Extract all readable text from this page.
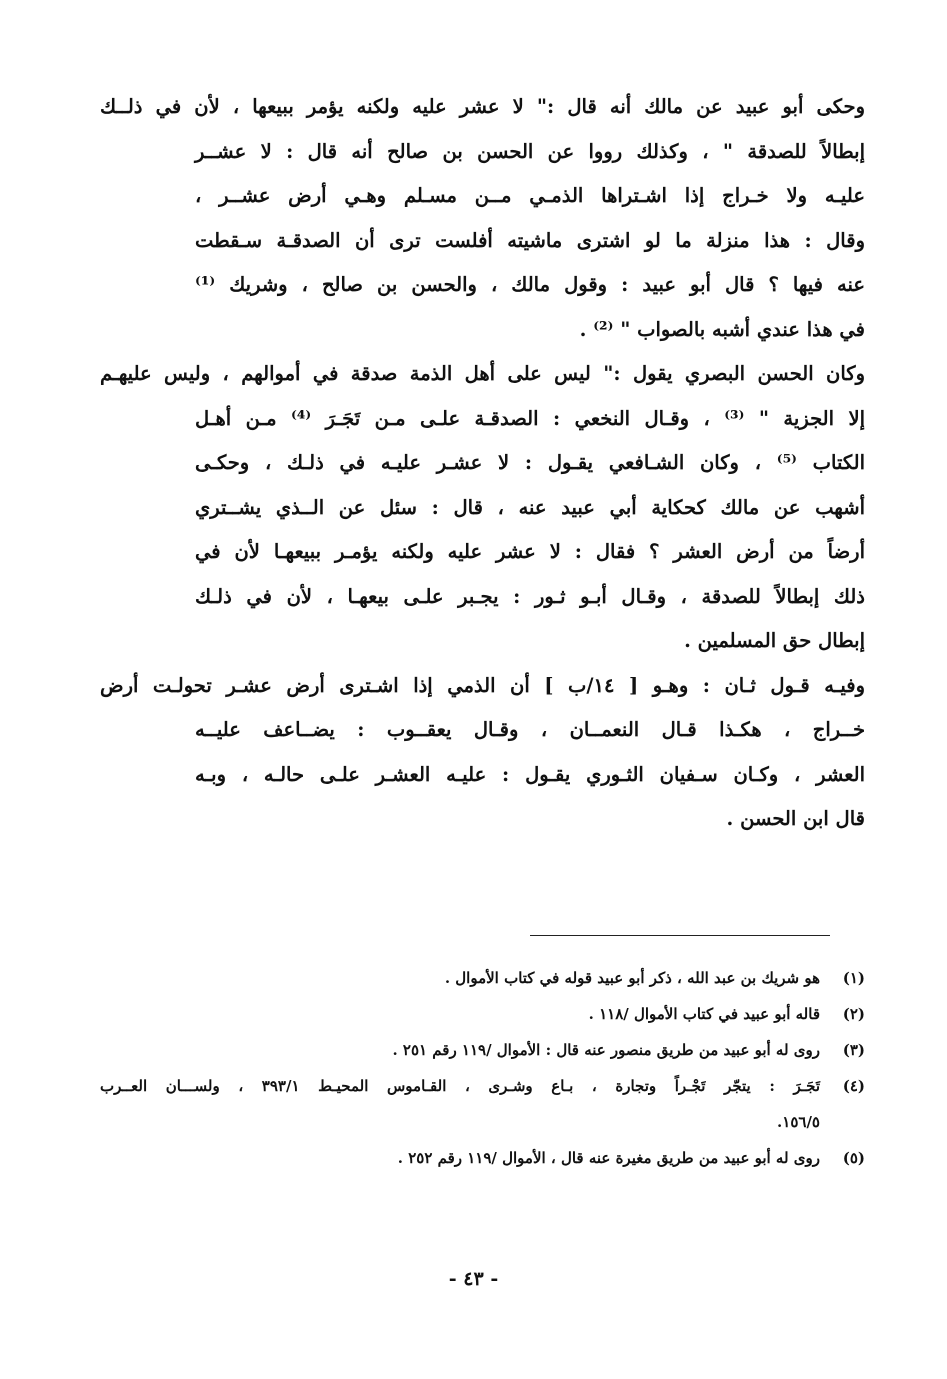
وحكى أبو عبيد عن مالك أنه قال :" لا عشر عليه ولكنه يؤمر ببيعها ، لأن في ذلــك
إبطالاً للصدقة " ، وكذلك رووا عن الحسن بن صالح أنه قال : لا عشــر
عليـه ولا خـراج إذا اشـتراها الذمـي مــن مسـلم وهـي أرض عشــر ،
وقال : هذا منزلة ما لو اشترى ماشيته أفلست ترى أن الصدقـة سـقطت
عنه فيها ؟ قال أبو عبيد : وقول مالك ، والحسن بن صالح ، وشريك ⁽¹⁾
في هذا عندي أشبه بالصواب " ⁽²⁾ .
وكان الحسن البصري يقول :" ليس على أهل الذمة صدقة في أموالهم ، وليس عليهـم
إلا الجزية " ⁽³⁾ ، وقـال النخعي : الصدقـة علـى مـن تَجَـرَ ⁽⁴⁾ مـن أهـل
الكتاب ⁽⁵⁾ ، وكان الشـافعي يقـول : لا عشـر عليـه في ذلـك ، وحكـى
أشهب عن مالك كحكاية أبي عبيد عنه ، قال : سئل عن الــذي يشــتري
أرضاً من أرض العشر ؟ فقال : لا عشر عليه ولكنه يؤمـر ببيعهـا لأن في
ذلك إبطالاً للصدقة ، وقـال أبـو ثـور : يجـبر علـى بيعهـا ، لأن في ذلـك
إبطال حق المسلمين .
وفيـه قـول ثـان : وهـو [ ١٤/ب ] أن الذمي إذا اشـترى أرض عشـر تحولـت أرض
خــراج ، هكـذا قـال النعمــان ، وقـال يعقــوب : يضــاعف عليــه
العشر ، وكـان سـفيان الثـوري يقـول : عليـه العشـر علـى حالـه ، وبـه
قال ابن الحسن .
(١)
هو شريك بن عبد الله ، ذكر أبو عبيد قوله في كتاب الأموال .
(٢)
قاله أبو عبيد في كتاب الأموال /١١٨ .
(٣)
روى له أبو عبيد من طريق منصور عنه قال : الأموال /١١٩ رقم ٢٥١ .
(٤)
تَجَـرَ : يتجّر تَجْـراً وتجارة ، بـاع وشـرى ، القـاموس المحيـط ٣٩٣/١ ، ولســـان العــرب
١٥٦/٥.
(٥)
روى له أبو عبيد من طريق مغيرة عنه قال ، الأموال /١١٩ رقم ٢٥٢ .
- ٤٣ -
